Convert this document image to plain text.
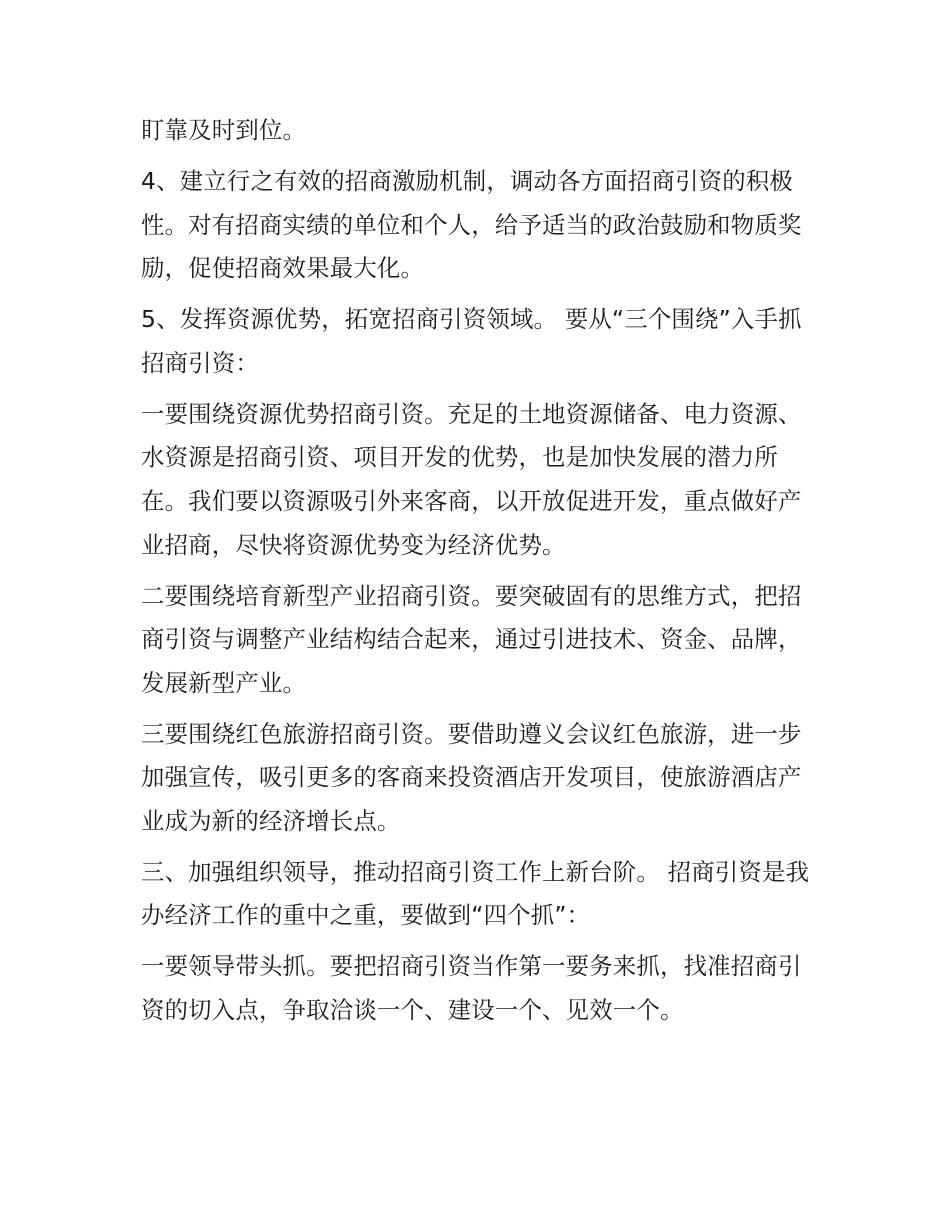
盯靠及时到位。

4、建立行之有效的招商激励机制，调动各方面招商引资的积极性。对有招商实绩的单位和个人，给予适当的政治鼓励和物质奖励，促使招商效果最大化。

5、发挥资源优势，拓宽招商引资领域。 要从“三个围绕”入手抓招商引资：

一要围绕资源优势招商引资。充足的土地资源储备、电力资源、水资源是招商引资、项目开发的优势，也是加快发展的潜力所在。我们要以资源吸引外来客商，以开放促进开发，重点做好产业招商，尽快将资源优势变为经济优势。

二要围绕培育新型产业招商引资。要突破固有的思维方式，把招商引资与调整产业结构结合起来，通过引进技术、资金、品牌，发展新型产业。

三要围绕红色旅游招商引资。要借助遵义会议红色旅游，进一步加强宣传，吸引更多的客商来投资酒店开发项目，使旅游酒店产业成为新的经济增长点。

三、加强组织领导，推动招商引资工作上新台阶。 招商引资是我办经济工作的重中之重，要做到“四个抓”：

一要领导带头抓。要把招商引资当作第一要务来抓，找准招商引资的切入点，争取洽谈一个、建设一个、见效一个。
